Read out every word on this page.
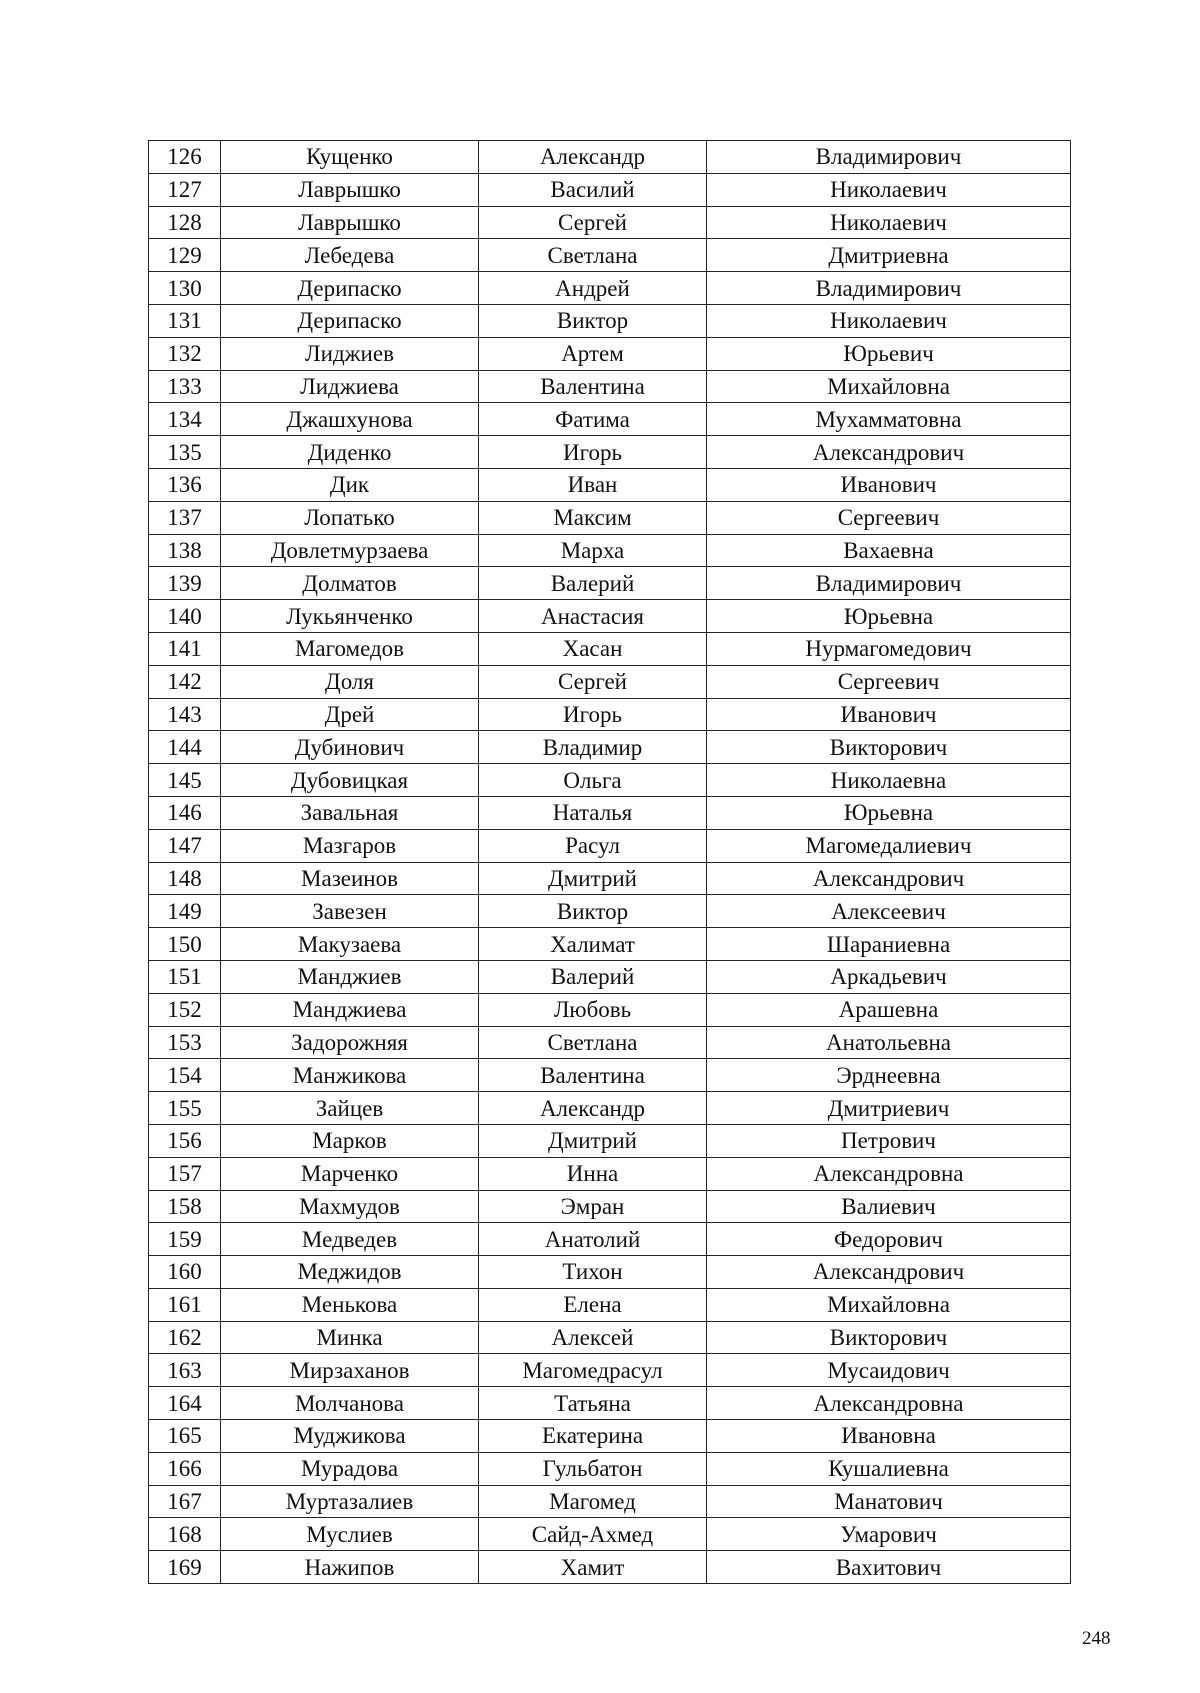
126	Кущенко	Александр	Владимирович
127	Лаврышко	Василий	Николаевич
128	Лаврышко	Сергей	Николаевич
129	Лебедева	Светлана	Дмитриевна
130	Дерипаско	Андрей	Владимирович
131	Дерипаско	Виктор	Николаевич
132	Лиджиев	Артем	Юрьевич
133	Лиджиева	Валентина	Михайловна
134	Джашхунова	Фатима	Мухамматовна
135	Диденко	Игорь	Александрович
136	Дик	Иван	Иванович
137	Лопатько	Максим	Сергеевич
138	Довлетмурзаева	Марха	Вахаевна
139	Долматов	Валерий	Владимирович
140	Лукьянченко	Анастасия	Юрьевна
141	Магомедов	Хасан	Нурмагомедович
142	Доля	Сергей	Сергеевич
143	Дрей	Игорь	Иванович
144	Дубинович	Владимир	Викторович
145	Дубовицкая	Ольга	Николаевна
146	Завальная	Наталья	Юрьевна
147	Мазгаров	Расул	Магомедалиевич
148	Мазеинов	Дмитрий	Александрович
149	Завезен	Виктор	Алексеевич
150	Макузаева	Халимат	Шараниевна
151	Манджиев	Валерий	Аркадьевич
152	Манджиева	Любовь	Арашевна
153	Задорожняя	Светлана	Анатольевна
154	Манжикова	Валентина	Эрднеевна
155	Зайцев	Александр	Дмитриевич
156	Марков	Дмитрий	Петрович
157	Марченко	Инна	Александровна
158	Махмудов	Эмран	Валиевич
159	Медведев	Анатолий	Федорович
160	Меджидов	Тихон	Александрович
161	Менькова	Елена	Михайловна
162	Минка	Алексей	Викторович
163	Мирзаханов	Магомедрасул	Мусаидович
164	Молчанова	Татьяна	Александровна
165	Муджикова	Екатерина	Ивановна
166	Мурадова	Гульбатон	Кушалиевна
167	Муртазалиев	Магомед	Манатович
168	Муслиев	Сайд-Ахмед	Умарович
169	Нажипов	Хамит	Вахитович
248
